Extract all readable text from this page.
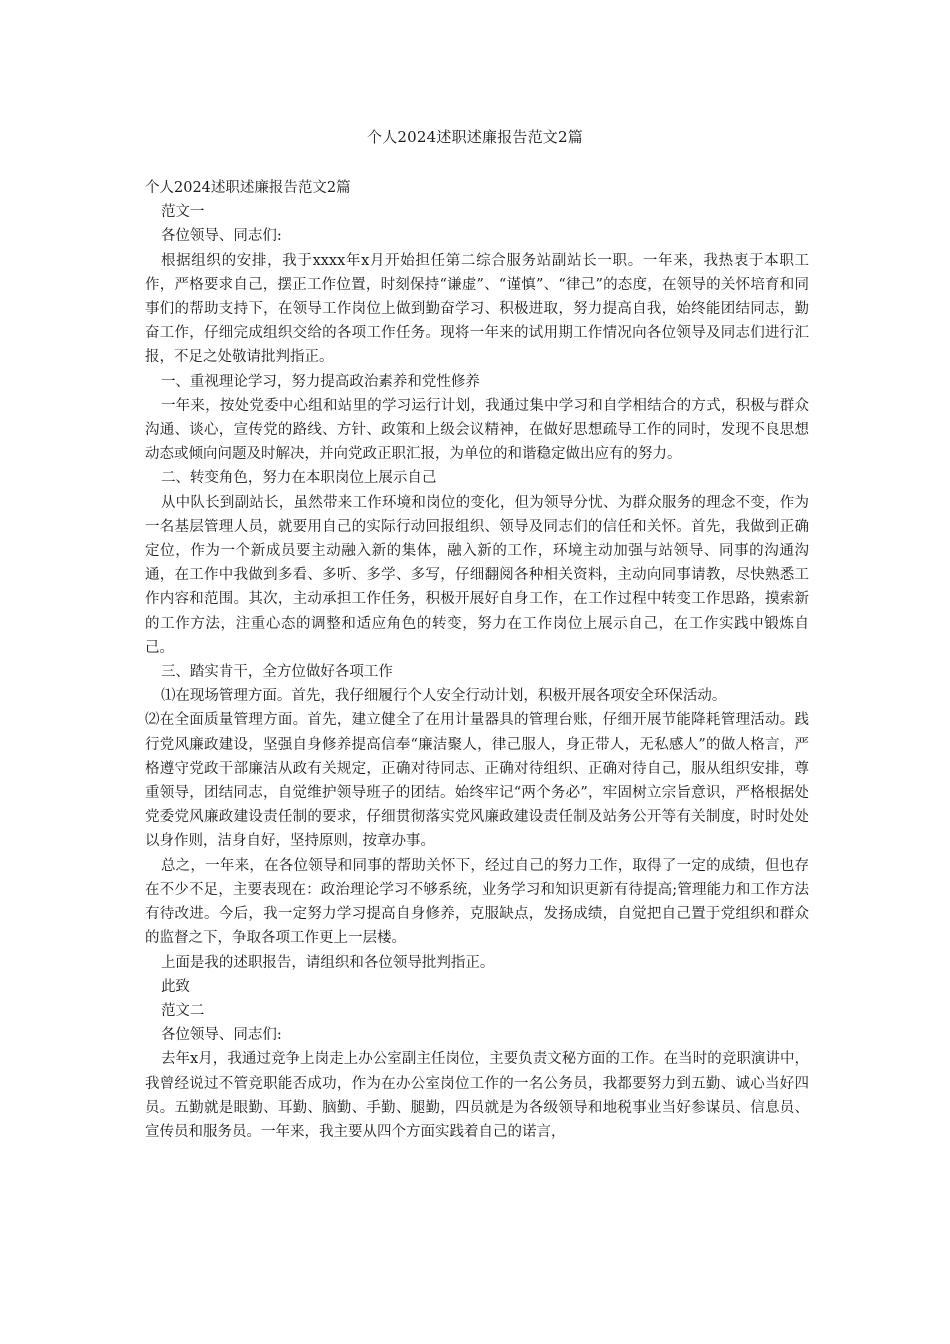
个人2024述职述廉报告范文2篇

个人2024述职述廉报告范文2篇

范文一

各位领导、同志们:

根据组织的安排，我于xxxx年x月开始担任第二综合服务站副站长一职。一年来，我热衷于本职工作，严格要求自己，摆正工作位置，时刻保持“谦虚”、“谨慎”、“律己”的态度，在领导的关怀培育和同事们的帮助支持下，在领导工作岗位上做到勤奋学习、积极进取，努力提高自我，始终能团结同志，勤奋工作，仔细完成组织交给的各项工作任务。现将一年来的试用期工作情况向各位领导及同志们进行汇报，不足之处敬请批判指正。

一、重视理论学习，努力提高政治素养和党性修养

一年来，按处党委中心组和站里的学习运行计划，我通过集中学习和自学相结合的方式，积极与群众沟通、谈心，宣传党的路线、方针、政策和上级会议精神，在做好思想疏导工作的同时，发现不良思想动态或倾向问题及时解决，并向党政正职汇报，为单位的和谐稳定做出应有的努力。

二、转变角色，努力在本职岗位上展示自己

从中队长到副站长，虽然带来工作环境和岗位的变化，但为领导分忧、为群众服务的理念不变，作为一名基层管理人员，就要用自己的实际行动回报组织、领导及同志们的信任和关怀。首先，我做到正确定位，作为一个新成员要主动融入新的集体，融入新的工作，环境主动加强与站领导、同事的沟通沟通，在工作中我做到多看、多听、多学、多写，仔细翻阅各种相关资料，主动向同事请教，尽快熟悉工作内容和范围。其次，主动承担工作任务，积极开展好自身工作，在工作过程中转变工作思路，摸索新的工作方法，注重心态的调整和适应角色的转变，努力在工作岗位上展示自己，在工作实践中锻炼自己。

三、踏实肯干，全方位做好各项工作

⑴在现场管理方面。首先，我仔细履行个人安全行动计划，积极开展各项安全环保活动。

⑵在全面质量管理方面。首先，建立健全了在用计量器具的管理台账，仔细开展节能降耗管理活动。践行党风廉政建设，坚强自身修养提高信奉“廉洁聚人，律己服人，身正带人，无私感人”的做人格言，严格遵守党政干部廉洁从政有关规定，正确对待同志、正确对待组织、正确对待自己，服从组织安排，尊重领导，团结同志，自觉维护领导班子的团结。始终牢记“两个务必”，牢固树立宗旨意识，严格根据处党委党风廉政建设责任制的要求，仔细贯彻落实党风廉政建设责任制及站务公开等有关制度，时时处处以身作则，洁身自好，坚持原则，按章办事。

总之，一年来，在各位领导和同事的帮助关怀下，经过自己的努力工作，取得了一定的成绩，但也存在不少不足，主要表现在：政治理论学习不够系统，业务学习和知识更新有待提高;管理能力和工作方法有待改进。今后，我一定努力学习提高自身修养，克服缺点，发扬成绩，自觉把自己置于党组织和群众的监督之下，争取各项工作更上一层楼。

上面是我的述职报告，请组织和各位领导批判指正。

此致

范文二

各位领导、同志们:

去年x月，我通过竞争上岗走上办公室副主任岗位，主要负责文秘方面的工作。在当时的竞职演讲中，我曾经说过不管竞职能否成功，作为在办公室岗位工作的一名公务员，我都要努力到五勤、诚心当好四员。五勤就是眼勤、耳勤、脑勤、手勤、腿勤，四员就是为各级领导和地税事业当好参谋员、信息员、宣传员和服务员。一年来，我主要从四个方面实践着自己的诺言，
